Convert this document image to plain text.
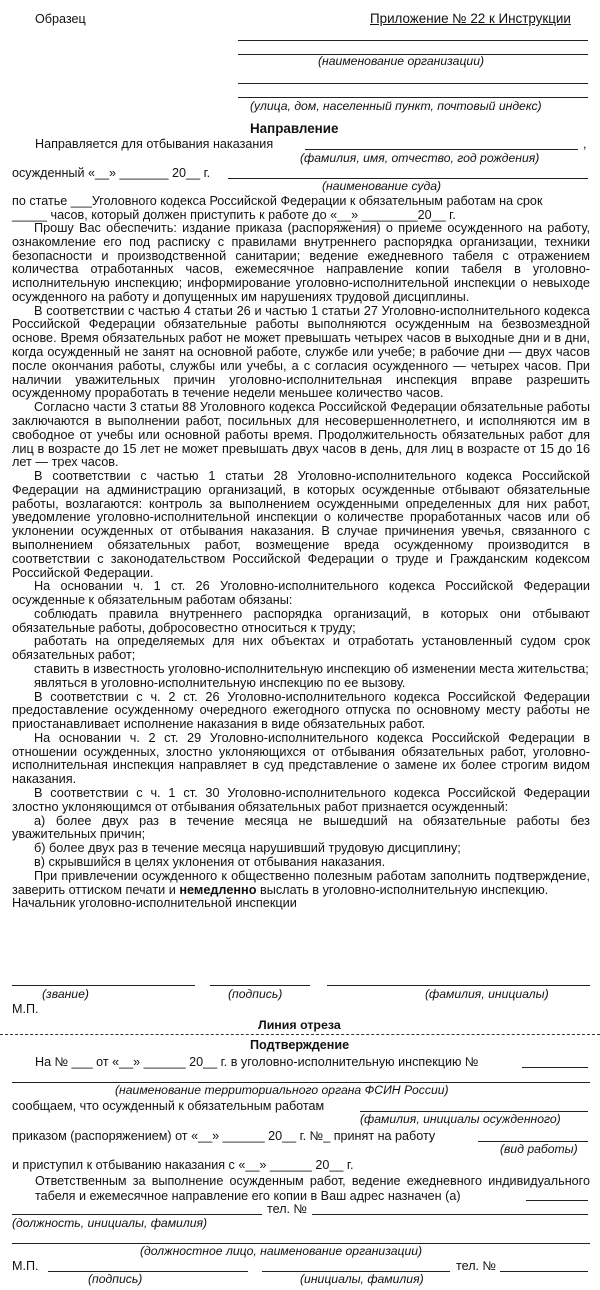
Образец	Приложение № 22 к Инструкции
(наименование организации)
(улица, дом, населенный пункт, почтовый индекс)
Направление
Направляется для отбывания наказания	,
(фамилия, имя, отчество, год рождения)
осужденный «__» _______ 20__ г.
(наименование суда)
по статье ___Уголовного кодекса Российской Федерации к обязательным работам на срок
_____ часов, который должен приступить к работе до «__» ________20__ г.

Прошу Вас обеспечить: издание приказа (распоряжения) о приеме осужденного на работу, ознакомление его под расписку с правилами внутреннего распорядка организации, техники безопасности и производственной санитарии; ведение ежедневного табеля с отражением количества отработанных часов, ежемесячное направление копии табеля в уголовно-исполнительную инспекцию; информирование уголовно-исполнительной инспекции о невыходе осужденного на работу и допущенных им нарушениях трудовой дисциплины.

В соответствии с частью 4 статьи 26 и частью 1 статьи 27 Уголовно-исполнительного кодекса Российской Федерации обязательные работы выполняются осужденным на безвозмездной основе. Время обязательных работ не может превышать четырех часов в выходные дни и в дни, когда осужденный не занят на основной работе, службе или учебе; в рабочие дни — двух часов после окончания работы, службы или учебы, а с согласия осужденного — четырех часов. При наличии уважительных причин уголовно-исполнительная инспекция вправе разрешить осужденному проработать в течение недели меньшее количество часов.

Согласно части 3 статьи 88 Уголовного кодекса Российской Федерации обязательные работы заключаются в выполнении работ, посильных для несовершеннолетнего, и исполняются им в свободное от учебы или основной работы время. Продолжительность обязательных работ для лиц в возрасте до 15 лет не может превышать двух часов в день, для лиц в возрасте от 15 до 16 лет — трех часов.

В соответствии с частью 1 статьи 28 Уголовно-исполнительного кодекса Российской Федерации на администрацию организаций, в которых осужденные отбывают обязательные работы, возлагаются: контроль за выполнением осужденными определенных для них работ, уведомление уголовно-исполнительной инспекции о количестве проработанных часов или об уклонении осужденных от отбывания наказания. В случае причинения увечья, связанного с выполнением обязательных работ, возмещение вреда осужденному производится в соответствии с законодательством Российской Федерации о труде и Гражданским кодексом Российской Федерации.

На основании ч. 1 ст. 26 Уголовно-исполнительного кодекса Российской Федерации осужденные к обязательным работам обязаны:

соблюдать правила внутреннего распорядка организаций, в которых они отбывают обязательные работы, добросовестно относиться к труду;

работать на определяемых для них объектах и отработать установленный судом срок обязательных работ;

ставить в известность уголовно-исполнительную инспекцию об изменении места жительства;

являться в уголовно-исполнительную инспекцию по ее вызову.

В соответствии с ч. 2 ст. 26 Уголовно-исполнительного кодекса Российской Федерации предоставление осужденному очередного ежегодного отпуска по основному месту работы не приостанавливает исполнение наказания в виде обязательных работ.

На основании ч. 2 ст. 29 Уголовно-исполнительного кодекса Российской Федерации в отношении осужденных, злостно уклоняющихся от отбывания обязательных работ, уголовно-исполнительная инспекция направляет в суд представление о замене их более строгим видом наказания.

В соответствии с ч. 1 ст. 30 Уголовно-исполнительного кодекса Российской Федерации злостно уклоняющимся от отбывания обязательных работ признается осужденный:

а) более двух раз в течение месяца не вышедший на обязательные работы без уважительных причин;

б) более двух раз в течение месяца нарушивший трудовую дисциплину;

в) скрывшийся в целях уклонения от отбывания наказания.

При привлечении осужденного к общественно полезным работам заполнить подтверждение, заверить оттиском печати и немедленно выслать в уголовно-исполнительную инспекцию.

Начальник уголовно-исполнительной инспекции

(звание)	(подпись)	(фамилия, инициалы)
М.П.
Линия отреза
Подтверждение
На № ___ от «__» ______ 20__ г. в уголовно-исполнительную инспекцию №
(наименование территориального органа ФСИН России)
сообщаем, что осужденный к обязательным работам
(фамилия, инициалы осужденного)
приказом (распоряжением) от «__» ______ 20__ г. №_ принят на работу
(вид работы)
и приступил к отбыванию наказания с «__» ______ 20__ г.
Ответственным за выполнение осужденным работ, ведение ежедневного индивидуального табеля и ежемесячное направление его копии в Ваш адрес назначен (а)
тел. №
(должность, инициалы, фамилия)
(должностное лицо, наименование организации)
М.П.	тел. №
(подпись)	(инициалы, фамилия)
